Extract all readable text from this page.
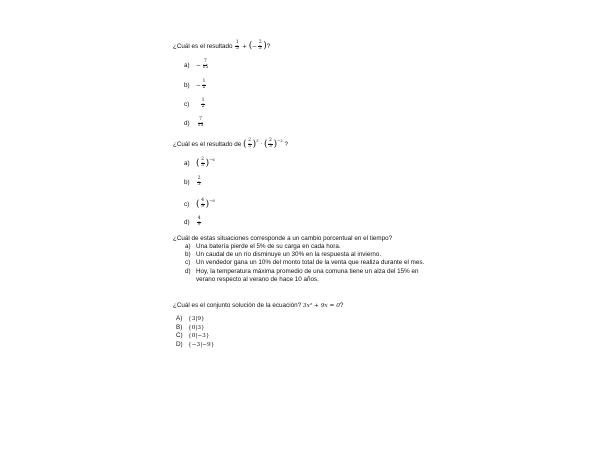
¿Cuál es el resultado $\frac{1}{5}$ + (− $\frac{2}{3}$ )?
$a) - \frac{7}{15}$
$b) - \frac{1}{2}$
c)	$\frac{1}{2}$
$d) \frac{7}{15}$
¿Cuál es el resultado de ( $\frac{2}{3} )^3$ · ( $\frac{2}{3} )^{-2}$ ?
a) ( $\frac{2}{3} )^{-6}$
$b) \frac{2}{3}$
c) ( $\frac{4}{9} )^{-6}$
$d) \frac{4}{9}$
¿Cuál de estas situaciones corresponde a un cambio porcentual en el tiempo?
a) Una batería pierde el 5% de su carga en cada hora.
b) Un caudal de un río disminuye un 30% en la respuesta al invierno.
c) Un vendedor gana un 10% del monto total de la venta que realiza durante el mes.
d) Hoy, la temperatura máxima promedio de una comuna tiene un alza del 15% en verano respecto al verano de hace 10 años.
¿Cuál es el conjunto solución de la ecuación? 3x² + 9x = 0?
A) {3|9}
B) {0|3}
C) {0|−3}
D) {−3|−9}
